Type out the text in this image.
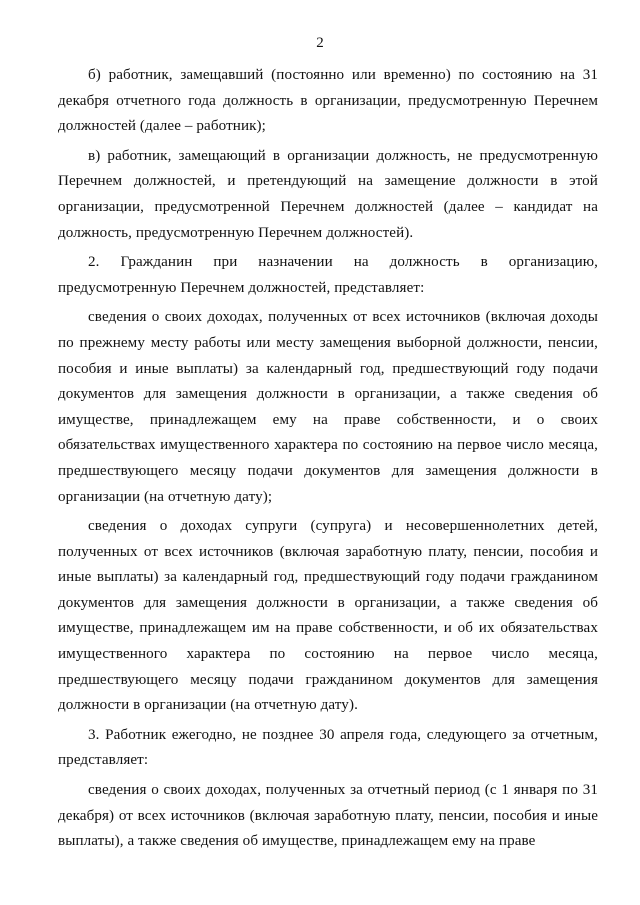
2

б) работник, замещавший (постоянно или временно) по состоянию на 31 декабря отчетного года должность в организации, предусмотренную Перечнем должностей (далее – работник);

в) работник, замещающий в организации должность, не предусмотренную Перечнем должностей, и претендующий на замещение должности в этой организации, предусмотренной Перечнем должностей (далее – кандидат на должность, предусмотренную Перечнем должностей).

2. Гражданин при назначении на должность в организацию, предусмотренную Перечнем должностей, представляет:

сведения о своих доходах, полученных от всех источников (включая доходы по прежнему месту работы или месту замещения выборной должности, пенсии, пособия и иные выплаты) за календарный год, предшествующий году подачи документов для замещения должности в организации, а также сведения об имуществе, принадлежащем ему на праве собственности, и о своих обязательствах имущественного характера по состоянию на первое число месяца, предшествующего месяцу подачи документов для замещения должности в организации (на отчетную дату);

сведения о доходах супруги (супруга) и несовершеннолетних детей, полученных от всех источников (включая заработную плату, пенсии, пособия и иные выплаты) за календарный год, предшествующий году подачи гражданином документов для замещения должности в организации, а также сведения об имуществе, принадлежащем им на праве собственности, и об их обязательствах имущественного характера по состоянию на первое число месяца, предшествующего месяцу подачи гражданином документов для замещения должности в организации (на отчетную дату).

3. Работник ежегодно, не позднее 30 апреля года, следующего за отчетным, представляет:

сведения о своих доходах, полученных за отчетный период (с 1 января по 31 декабря) от всех источников (включая заработную плату, пенсии, пособия и иные выплаты), а также сведения об имуществе, принадлежащем ему на праве
